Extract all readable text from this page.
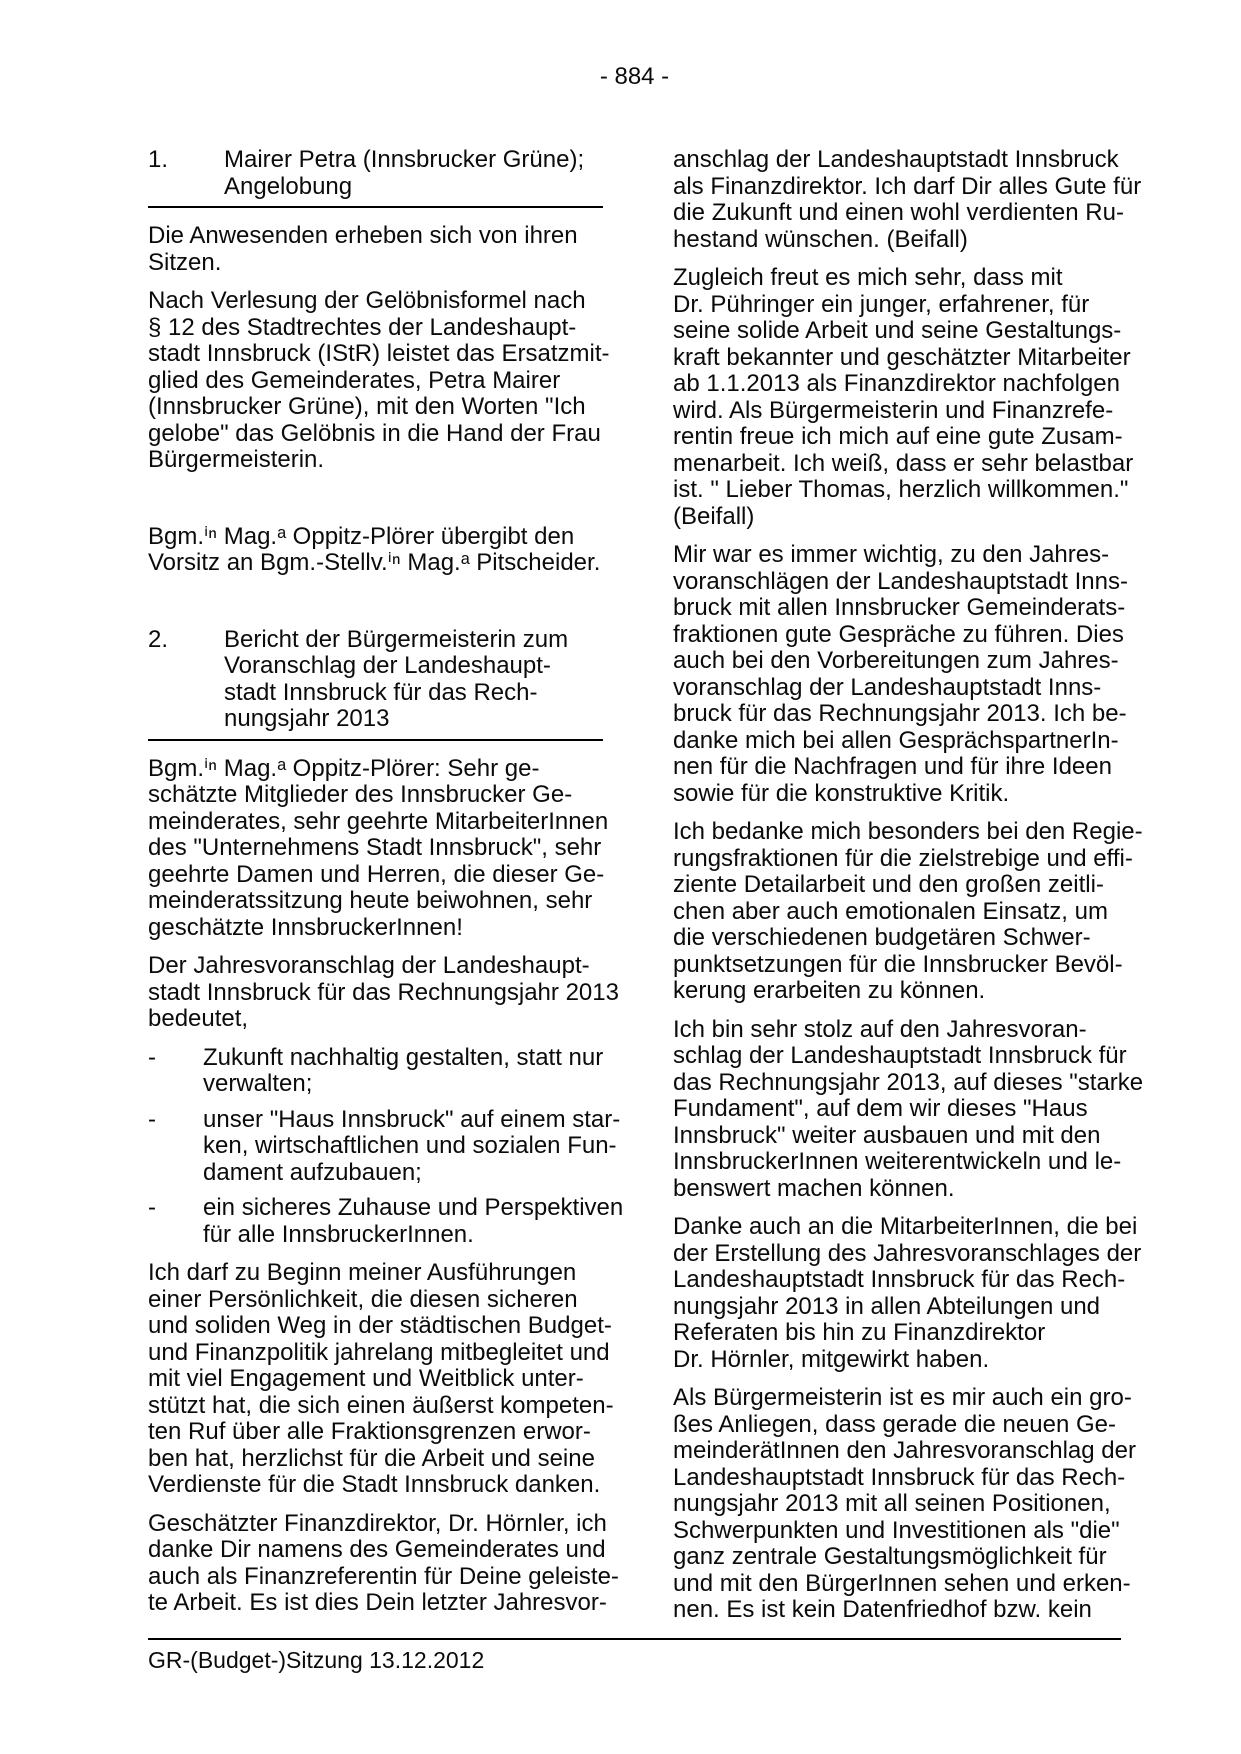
- 884 -
1. Mairer Petra (Innsbrucker Grüne);
Angelobung
Die Anwesenden erheben sich von ihren
Sitzen.
Nach Verlesung der Gelöbnisformel nach
§ 12 des Stadtrechtes der Landeshaupt-
stadt Innsbruck (IStR) leistet das Ersatzmit-
glied des Gemeinderates, Petra Mairer
(Innsbrucker Grüne), mit den Worten "Ich
gelobe" das Gelöbnis in die Hand der Frau
Bürgermeisterin.
Bgm.ⁱⁿ Mag.ᵃ Oppitz-Plörer übergibt den
Vorsitz an Bgm.-Stellv.ⁱⁿ Mag.ᵃ Pitscheider.
2. Bericht der Bürgermeisterin zum
Voranschlag der Landeshaupt-
stadt Innsbruck für das Rech-
nungsjahr 2013
Bgm.ⁱⁿ Mag.ᵃ Oppitz-Plörer: Sehr ge-
schätzte Mitglieder des Innsbrucker Ge-
meinderates, sehr geehrte MitarbeiterInnen
des "Unternehmens Stadt Innsbruck", sehr
geehrte Damen und Herren, die dieser Ge-
meinderatssitzung heute beiwohnen, sehr
geschätzte InnsbruckerInnen!
Der Jahresvoranschlag der Landeshaupt-
stadt Innsbruck für das Rechnungsjahr 2013
bedeutet,
- Zukunft nachhaltig gestalten, statt nur
verwalten;
- unser "Haus Innsbruck" auf einem star-
ken, wirtschaftlichen und sozialen Fun-
dament aufzubauen;
- ein sicheres Zuhause und Perspektiven
für alle InnsbruckerInnen.
Ich darf zu Beginn meiner Ausführungen
einer Persönlichkeit, die diesen sicheren
und soliden Weg in der städtischen Budget-
und Finanzpolitik jahrelang mitbegleitet und
mit viel Engagement und Weitblick unter-
stützt hat, die sich einen äußerst kompeten-
ten Ruf über alle Fraktionsgrenzen erwor-
ben hat, herzlichst für die Arbeit und seine
Verdienste für die Stadt Innsbruck danken.
Geschätzter Finanzdirektor, Dr. Hörnler, ich
danke Dir namens des Gemeinderates und
auch als Finanzreferentin für Deine geleiste-
te Arbeit. Es ist dies Dein letzter Jahresvor-
anschlag der Landeshauptstadt Innsbruck
als Finanzdirektor. Ich darf Dir alles Gute für
die Zukunft und einen wohl verdienten Ru-
hestand wünschen. (Beifall)
Zugleich freut es mich sehr, dass mit
Dr. Pühringer ein junger, erfahrener, für
seine solide Arbeit und seine Gestaltungs-
kraft bekannter und geschätzter Mitarbeiter
ab 1.1.2013 als Finanzdirektor nachfolgen
wird. Als Bürgermeisterin und Finanzrefe-
rentin freue ich mich auf eine gute Zusam-
menarbeit. Ich weiß, dass er sehr belastbar
ist. " Lieber Thomas, herzlich willkommen."
(Beifall)
Mir war es immer wichtig, zu den Jahres-
voranschlägen der Landeshauptstadt Inns-
bruck mit allen Innsbrucker Gemeinderats-
fraktionen gute Gespräche zu führen. Dies
auch bei den Vorbereitungen zum Jahres-
voranschlag der Landeshauptstadt Inns-
bruck für das Rechnungsjahr 2013. Ich be-
danke mich bei allen GesprächspartnerIn-
nen für die Nachfragen und für ihre Ideen
sowie für die konstruktive Kritik.
Ich bedanke mich besonders bei den Regie-
rungsfraktionen für die zielstrebige und effi-
ziente Detailarbeit und den großen zeitli-
chen aber auch emotionalen Einsatz, um
die verschiedenen budgetären Schwer-
punktsetzungen für die Innsbrucker Bevöl-
kerung erarbeiten zu können.
Ich bin sehr stolz auf den Jahresvoran-
schlag der Landeshauptstadt Innsbruck für
das Rechnungsjahr 2013, auf dieses "starke
Fundament", auf dem wir dieses "Haus
Innsbruck" weiter ausbauen und mit den
InnsbruckerInnen weiterentwickeln und le-
benswert machen können.
Danke auch an die MitarbeiterInnen, die bei
der Erstellung des Jahresvoranschlages der
Landeshauptstadt Innsbruck für das Rech-
nungsjahr 2013 in allen Abteilungen und
Referaten bis hin zu Finanzdirektor
Dr. Hörnler, mitgewirkt haben.
Als Bürgermeisterin ist es mir auch ein gro-
ßes Anliegen, dass gerade die neuen Ge-
meinderätInnen den Jahresvoranschlag der
Landeshauptstadt Innsbruck für das Rech-
nungsjahr 2013 mit all seinen Positionen,
Schwerpunkten und Investitionen als "die"
ganz zentrale Gestaltungsmöglichkeit für
und mit den BürgerInnen sehen und erken-
nen. Es ist kein Datenfriedhof bzw. kein
GR-(Budget-)Sitzung 13.12.2012
